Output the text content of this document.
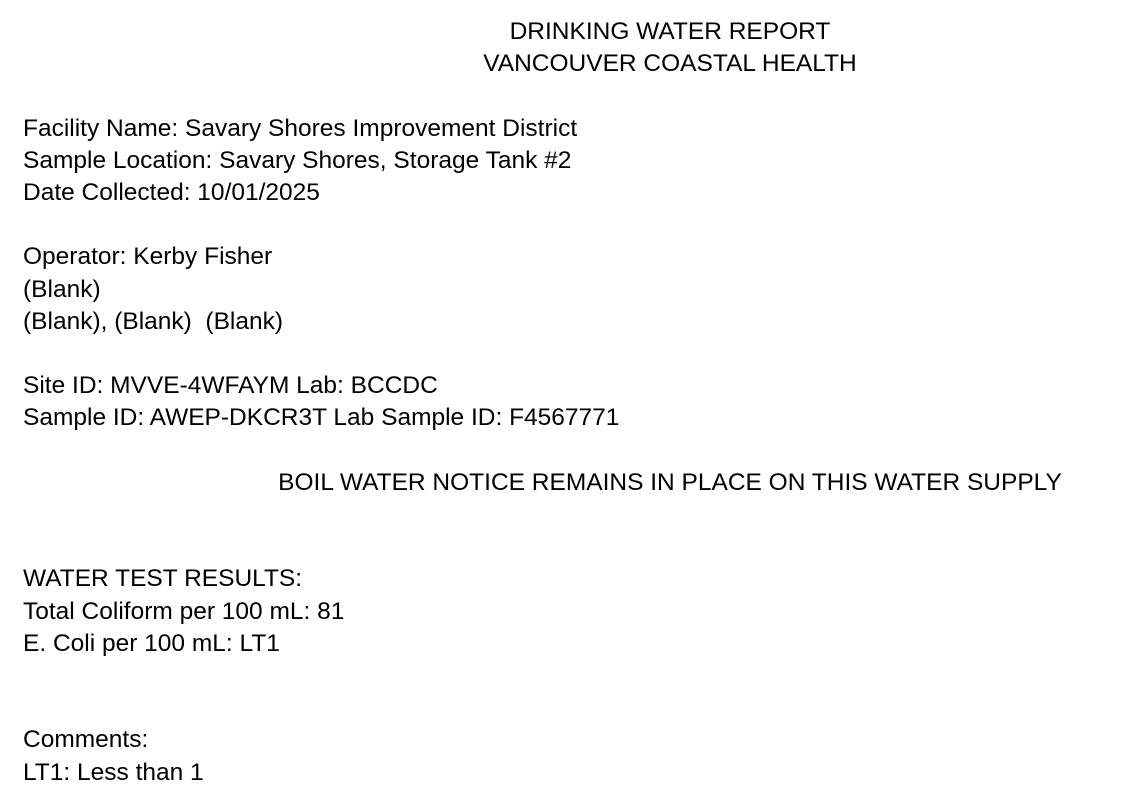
DRINKING WATER REPORT
VANCOUVER COASTAL HEALTH
Facility Name: Savary Shores Improvement District
Sample Location: Savary Shores, Storage Tank #2
Date Collected: 10/01/2025
Operator: Kerby Fisher
(Blank)
(Blank), (Blank)  (Blank)
Site ID: MVVE-4WFAYM Lab: BCCDC
Sample ID: AWEP-DKCR3T Lab Sample ID: F4567771
BOIL WATER NOTICE REMAINS IN PLACE ON THIS WATER SUPPLY
WATER TEST RESULTS:
Total Coliform per 100 mL: 81
E. Coli per 100 mL: LT1
Comments:
LT1: Less than 1
